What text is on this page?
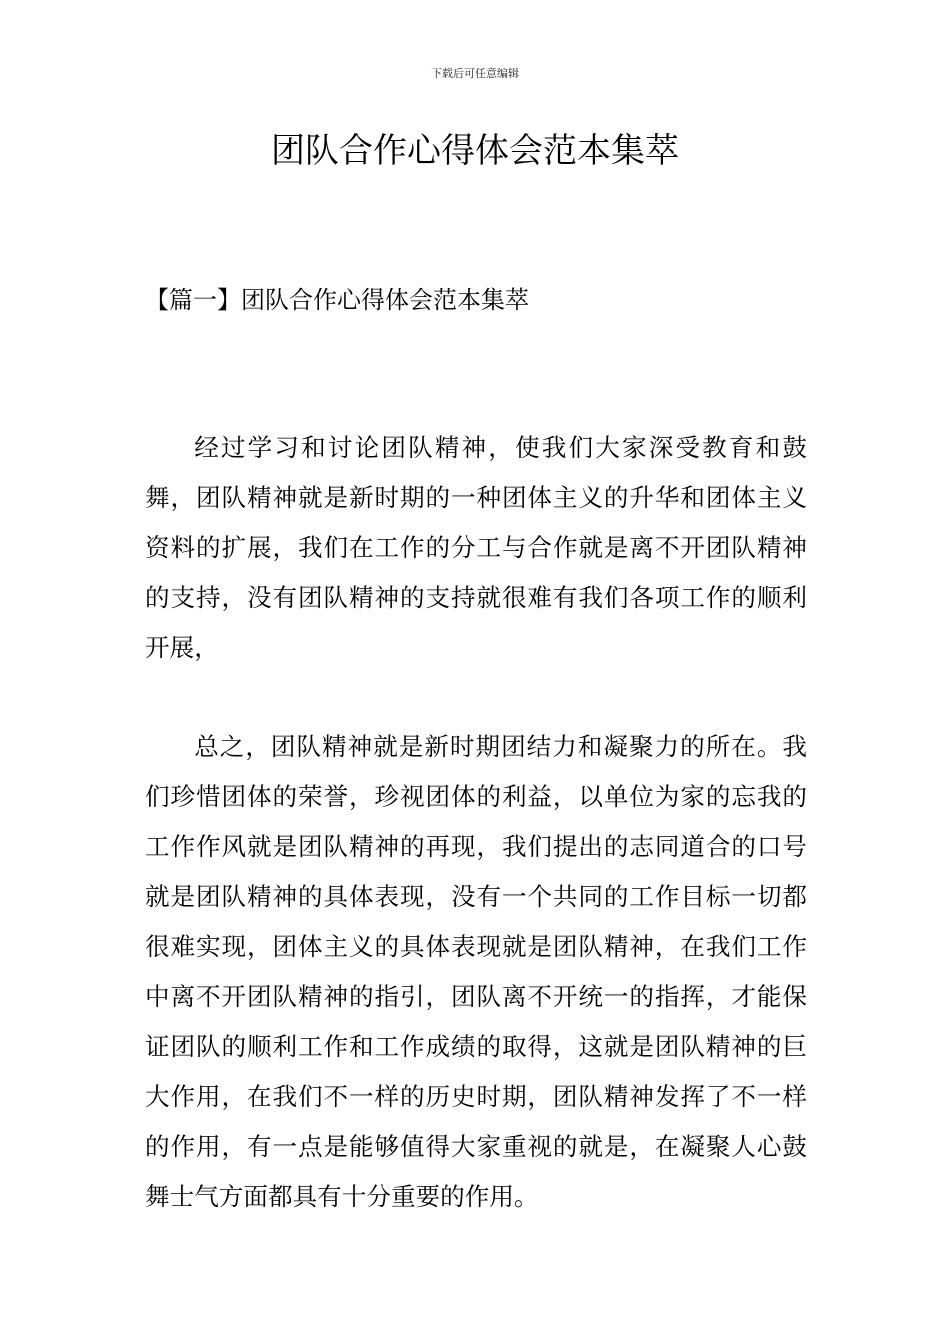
下载后可任意编辑
团队合作心得体会范本集萃
【篇一】团队合作心得体会范本集萃

经过学习和讨论团队精神，使我们大家深受教育和鼓舞，团队精神就是新时期的一种团体主义的升华和团体主义资料的扩展，我们在工作的分工与合作就是离不开团队精神的支持，没有团队精神的支持就很难有我们各项工作的顺利开展，

总之，团队精神就是新时期团结力和凝聚力的所在。我们珍惜团体的荣誉，珍视团体的利益，以单位为家的忘我的工作作风就是团队精神的再现，我们提出的志同道合的口号就是团队精神的具体表现，没有一个共同的工作目标一切都很难实现，团体主义的具体表现就是团队精神，在我们工作中离不开团队精神的指引，团队离不开统一的指挥，才能保证团队的顺利工作和工作成绩的取得，这就是团队精神的巨大作用，在我们不一样的历史时期，团队精神发挥了不一样的作用，有一点是能够值得大家重视的就是，在凝聚人心鼓舞士气方面都具有十分重要的作用。
